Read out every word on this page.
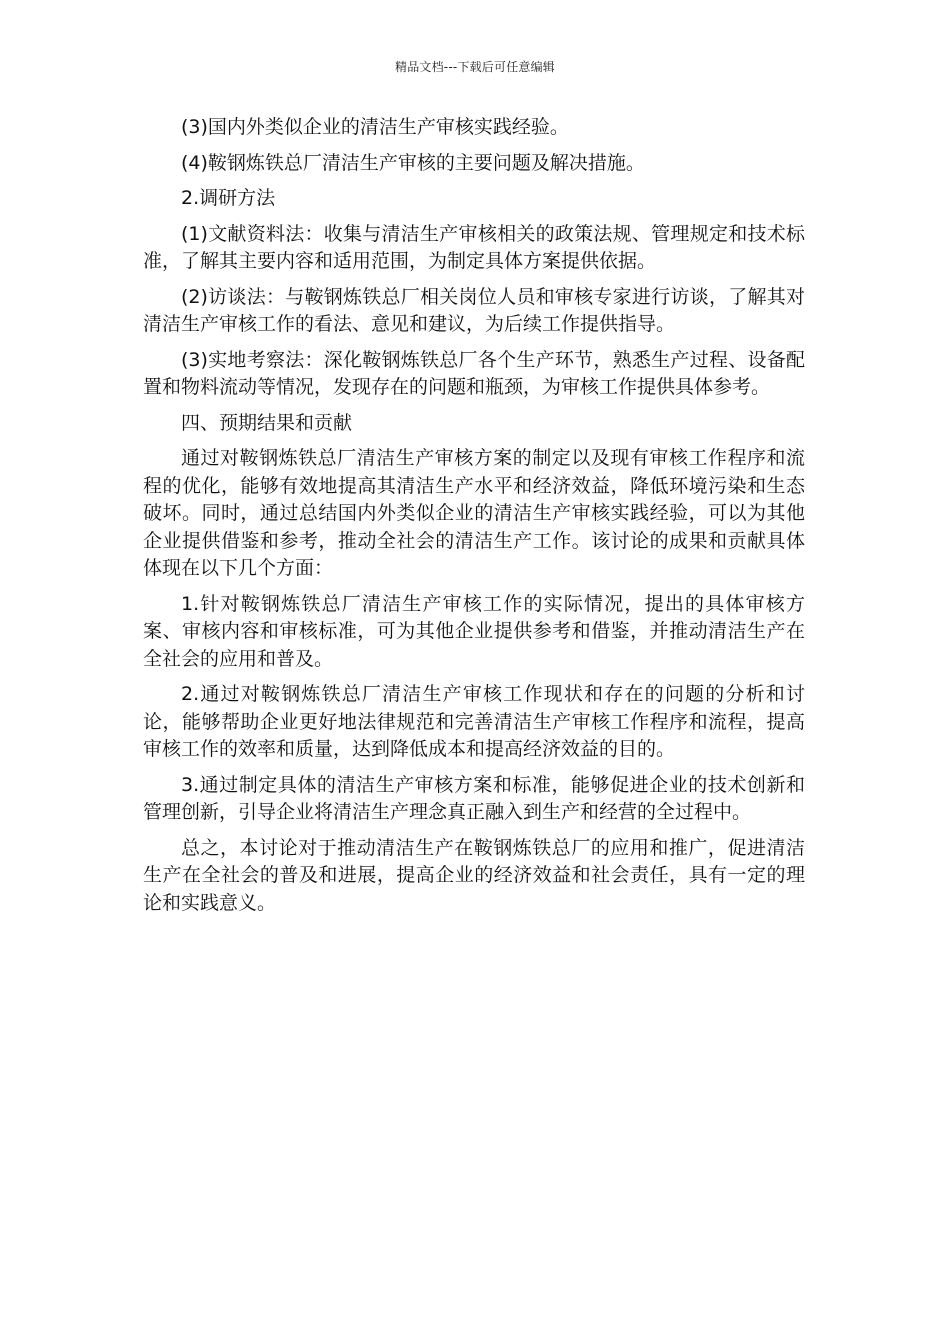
精品文档---下载后可任意编辑

(3)国内外类似企业的清洁生产审核实践经验。

(4)鞍钢炼铁总厂清洁生产审核的主要问题及解决措施。

2.调研方法

(1)文献资料法：收集与清洁生产审核相关的政策法规、管理规定和技术标准，了解其主要内容和适用范围，为制定具体方案提供依据。

(2)访谈法：与鞍钢炼铁总厂相关岗位人员和审核专家进行访谈，了解其对清洁生产审核工作的看法、意见和建议，为后续工作提供指导。

(3)实地考察法：深化鞍钢炼铁总厂各个生产环节，熟悉生产过程、设备配置和物料流动等情况，发现存在的问题和瓶颈，为审核工作提供具体参考。

四、预期结果和贡献

通过对鞍钢炼铁总厂清洁生产审核方案的制定以及现有审核工作程序和流程的优化，能够有效地提高其清洁生产水平和经济效益，降低环境污染和生态破坏。同时，通过总结国内外类似企业的清洁生产审核实践经验，可以为其他企业提供借鉴和参考，推动全社会的清洁生产工作。该讨论的成果和贡献具体体现在以下几个方面：

1.针对鞍钢炼铁总厂清洁生产审核工作的实际情况，提出的具体审核方案、审核内容和审核标准，可为其他企业提供参考和借鉴，并推动清洁生产在全社会的应用和普及。

2.通过对鞍钢炼铁总厂清洁生产审核工作现状和存在的问题的分析和讨论，能够帮助企业更好地法律规范和完善清洁生产审核工作程序和流程，提高审核工作的效率和质量，达到降低成本和提高经济效益的目的。

3.通过制定具体的清洁生产审核方案和标准，能够促进企业的技术创新和管理创新，引导企业将清洁生产理念真正融入到生产和经营的全过程中。

总之，本讨论对于推动清洁生产在鞍钢炼铁总厂的应用和推广，促进清洁生产在全社会的普及和进展，提高企业的经济效益和社会责任，具有一定的理论和实践意义。
